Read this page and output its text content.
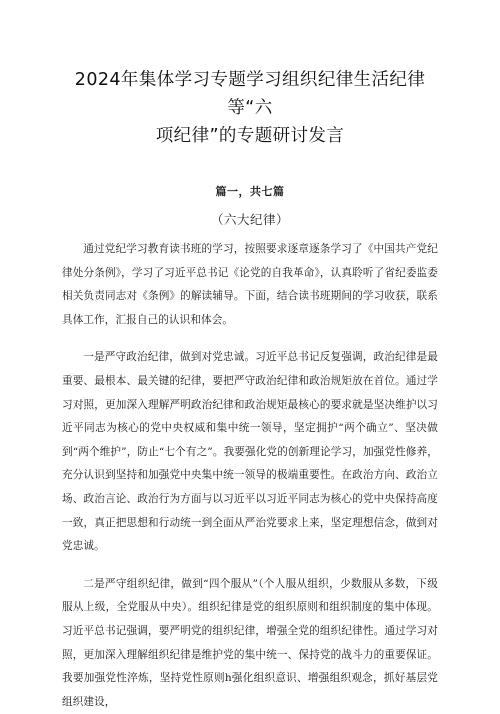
2024年集体学习专题学习组织纪律生活纪律等“六
项纪律”的专题研讨发言
篇一，共七篇
（六大纪律）

通过党纪学习教育读书班的学习，按照要求逐章逐条学习了《中国共产党纪律处分条例》，学习了习近平总书记《论党的自我革命》，认真聆听了省纪委监委相关负责同志对《条例》的解读辅导。下面，结合读书班期间的学习收获，联系具体工作，汇报自己的认识和体会。

一是严守政治纪律，做到对党忠诚。习近平总书记反复强调，政治纪律是最重要、最根本、最关键的纪律，要把严守政治纪律和政治规矩放在首位。通过学习对照，更加深入理解严明政治纪律和政治规矩最核心的要求就是坚决维护以习近平同志为核心的党中央权威和集中统一领导，坚定拥护“两个确立”、坚决做到“两个维护”，防止“七个有之”。我要强化党的创新理论学习，加强党性修养，充分认识到坚持和加强党中央集中统一领导的极端重要性。在政治方向、政治立场、政治言论、政治行为方面与以习近平以习近平同志为核心的党中央保持高度一致，真正把思想和行动统一到全面从严治党要求上来，坚定理想信念，做到对党忠诚。

二是严守组织纪律，做到“四个服从”（个人服从组织，少数服从多数，下级服从上级，全党服从中央）。组织纪律是党的组织原则和组织制度的集中体现。习近平总书记强调，要严明党的组织纪律，增强全党的组织纪律性。通过学习对照，更加深入理解组织纪律是维护党的集中统一、保持党的战斗力的重要保证。我要加强党性淬炼，坚持党性原则h强化组织意识、增强组织观念，抓好基层党组织建设，
